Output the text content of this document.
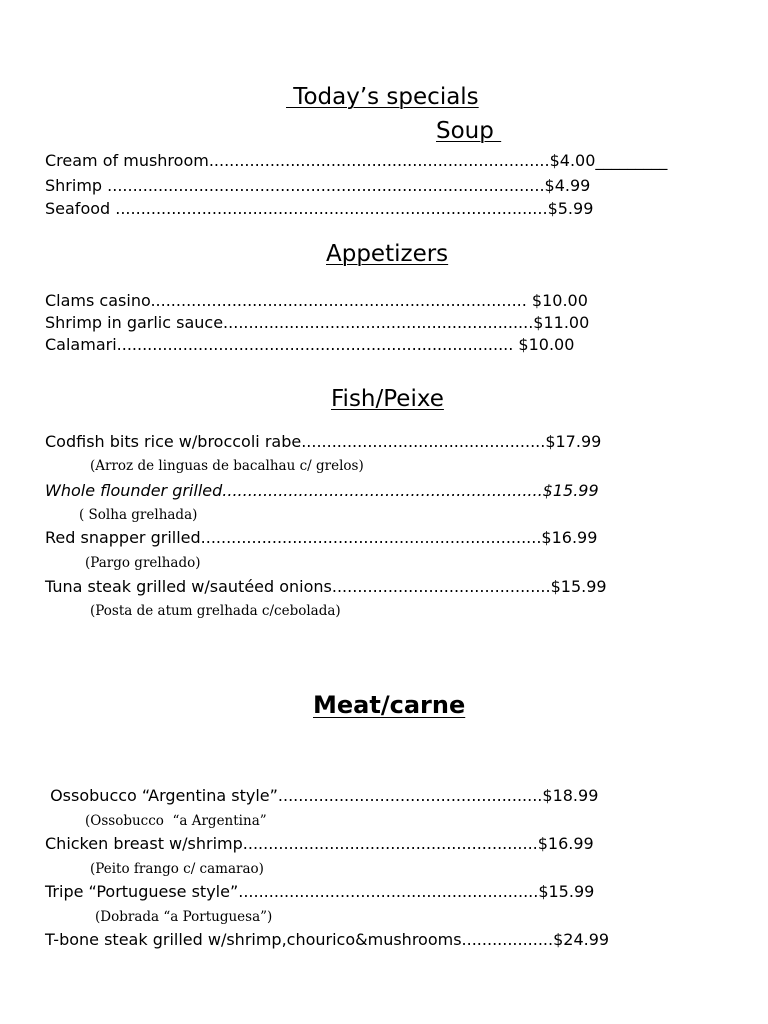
Today’s specials
Soup
Cream of mushroom...................................................................$4.00_________
Shrimp ......................................................................................$4.99
Seafood .....................................................................................$5.99
Appetizers
Clams casino.......................................................................... $10.00
Shrimp in garlic sauce.............................................................$11.00
Calamari.............................................................................. $10.00
Fish/Peixe
Codfish bits rice w/broccoli rabe................................................$17.99
(Arroz de linguas de bacalhau c/ grelos)
Whole flounder grilled...............................................................$15.99
( Solha grelhada)
Red snapper grilled...................................................................$16.99
(Pargo grelhado)
Tuna steak grilled w/sautéed onions...........................................$15.99
(Posta de atum grelhada c/cebolada)
Meat/carne
Ossobucco “Argentina style”....................................................$18.99
(Ossobucco  “a Argentina”
Chicken breast w/shrimp..........................................................$16.99
(Peito frango c/ camarao)
Tripe “Portuguese style”...........................................................$15.99
(Dobrada “a Portuguesa”)
T-bone steak grilled w/shrimp,chourico&mushrooms..................$24.99
